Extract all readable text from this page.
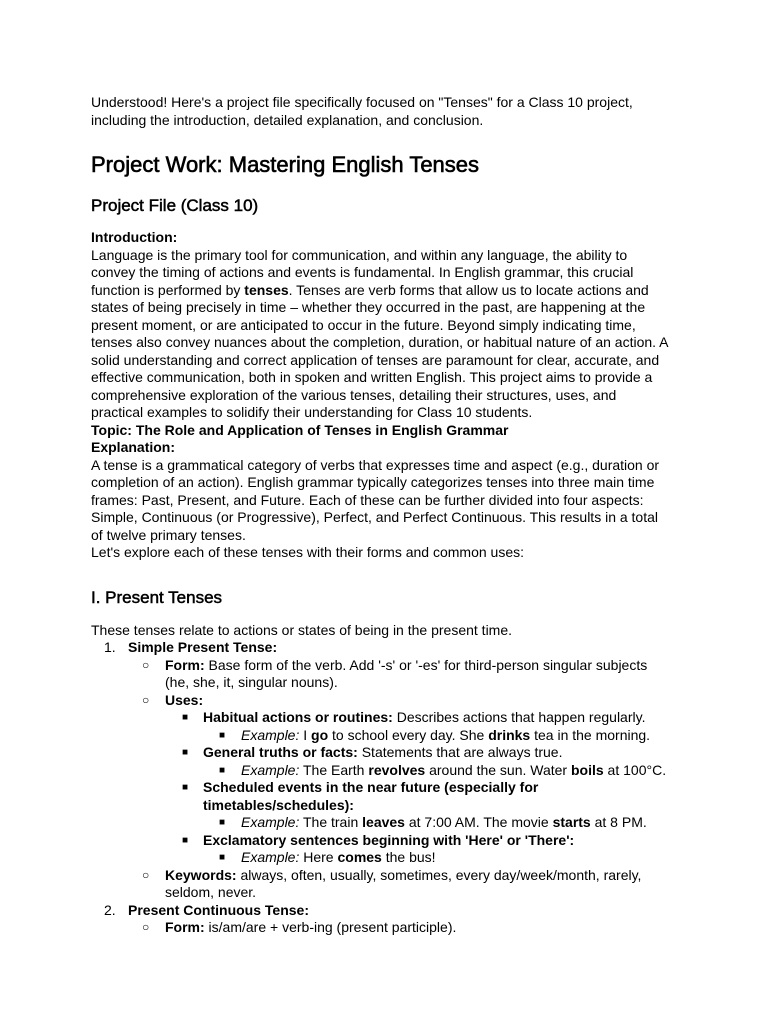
Understood! Here's a project file specifically focused on "Tenses" for a Class 10 project, including the introduction, detailed explanation, and conclusion.

Project Work: Mastering English Tenses
Project File (Class 10)

Introduction:

Language is the primary tool for communication, and within any language, the ability to convey the timing of actions and events is fundamental. In English grammar, this crucial function is performed by tenses. Tenses are verb forms that allow us to locate actions and states of being precisely in time – whether they occurred in the past, are happening at the present moment, or are anticipated to occur in the future. Beyond simply indicating time, tenses also convey nuances about the completion, duration, or habitual nature of an action. A solid understanding and correct application of tenses are paramount for clear, accurate, and effective communication, both in spoken and written English. This project aims to provide a comprehensive exploration of the various tenses, detailing their structures, uses, and practical examples to solidify their understanding for Class 10 students.

Topic: The Role and Application of Tenses in English Grammar

Explanation:

A tense is a grammatical category of verbs that expresses time and aspect (e.g., duration or completion of an action). English grammar typically categorizes tenses into three main time frames: Past, Present, and Future. Each of these can be further divided into four aspects: Simple, Continuous (or Progressive), Perfect, and Perfect Continuous. This results in a total of twelve primary tenses.

Let's explore each of these tenses with their forms and common uses:

I. Present Tenses

These tenses relate to actions or states of being in the present time.

1. Simple Present Tense:
○ Form: Base form of the verb. Add '-s' or '-es' for third-person singular subjects (he, she, it, singular nouns).
○ Uses:
■ Habitual actions or routines: Describes actions that happen regularly.
■ Example: I go to school every day. She drinks tea in the morning.
■ General truths or facts: Statements that are always true.
■ Example: The Earth revolves around the sun. Water boils at 100°C.
■ Scheduled events in the near future (especially for timetables/schedules):
■ Example: The train leaves at 7:00 AM. The movie starts at 8 PM.
■ Exclamatory sentences beginning with 'Here' or 'There':
■ Example: Here comes the bus!
○ Keywords: always, often, usually, sometimes, every day/week/month, rarely, seldom, never.
2. Present Continuous Tense:
○ Form: is/am/are + verb-ing (present participle).
